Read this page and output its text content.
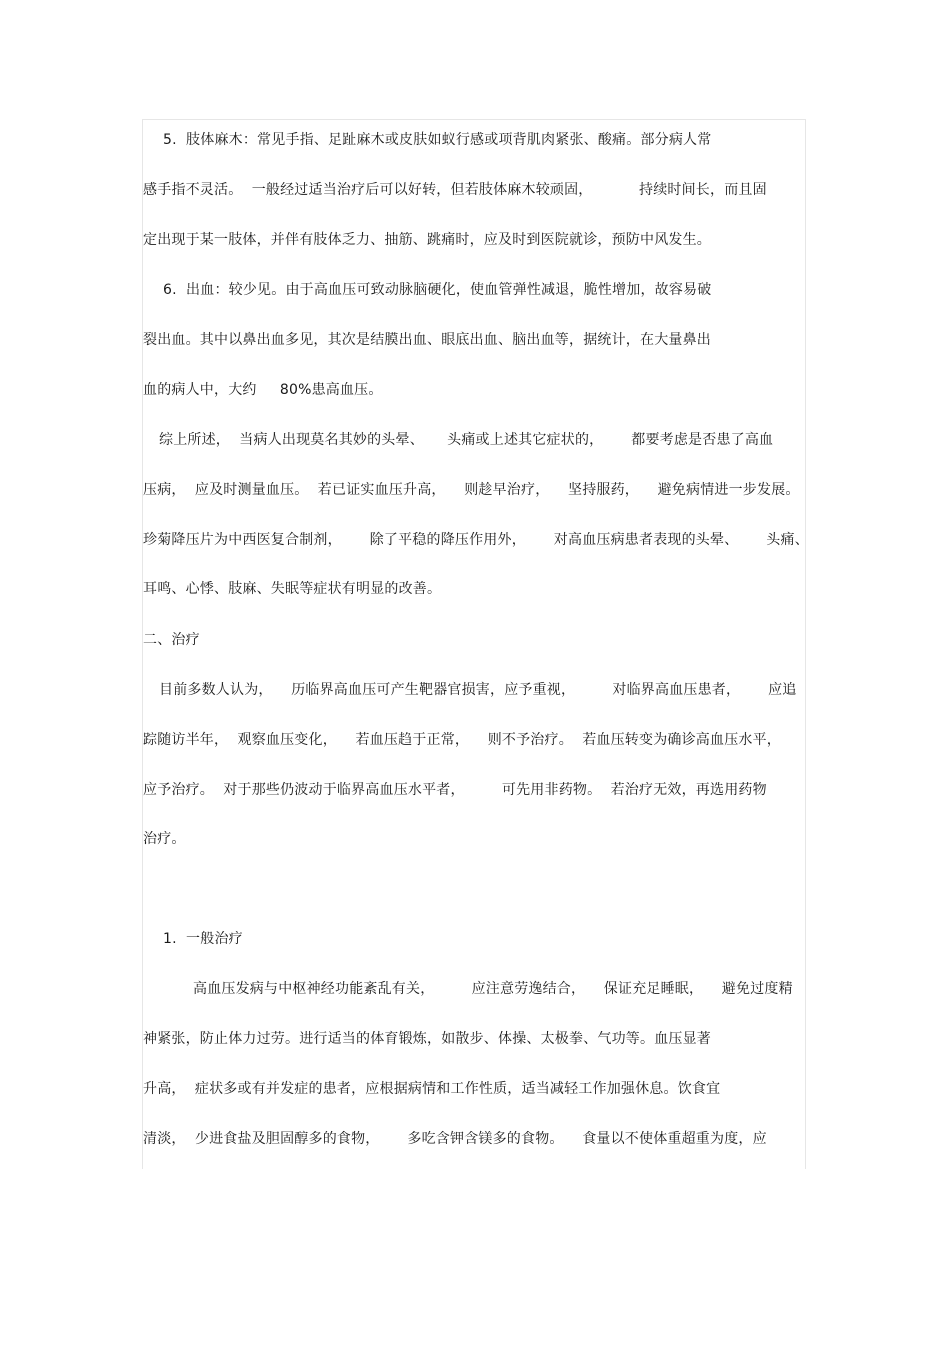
5.  肢体麻木：常见手指、足趾麻木或皮肤如蚁行感或项背肌肉紧张、酸痛。部分病人常
感手指不灵活。  一般经过适当治疗后可以好转，但若肢体麻木较顽固，          持续时间长，而且固
定出现于某一肢体，并伴有肢体乏力、抽筋、跳痛时，应及时到医院就诊，预防中风发生。
6.  出血：较少见。由于高血压可致动脉脑硬化，使血管弹性减退，脆性增加，故容易破
裂出血。其中以鼻出血多见，其次是结膜出血、眼底出血、脑出血等，据统计，在大量鼻出
血的病人中，大约     80%患高血压。
综上所述，  当病人出现莫名其妙的头晕、     头痛或上述其它症状的，      都要考虑是否患了高血
压病，  应及时测量血压。  若已证实血压升高，    则趁早治疗，    坚持服药，    避免病情进一步发展。
珍菊降压片为中西医复合制剂，      除了平稳的降压作用外，      对高血压病患者表现的头晕、      头痛、
耳鸣、心悸、肢麻、失眠等症状有明显的改善。
二、治疗
目前多数人认为，    历临界高血压可产生靶器官损害，应予重视，        对临界高血压患者，      应追
踪随访半年，  观察血压变化，    若血压趋于正常，    则不予治疗。  若血压转变为确诊高血压水平，
应予治疗。  对于那些仍波动于临界高血压水平者，        可先用非药物。  若治疗无效，再选用药物
治疗。
1.  一般治疗
高血压发病与中枢神经功能紊乱有关，        应注意劳逸结合，    保证充足睡眠，    避免过度精
神紧张，防止体力过劳。进行适当的体育锻炼，如散步、体操、太极拳、气功等。血压显著
升高，  症状多或有并发症的患者，应根据病情和工作性质，适当减轻工作加强休息。饮食宜
清淡，  少进食盐及胆固醇多的食物，      多吃含钾含镁多的食物。    食量以不使体重超重为度，应
